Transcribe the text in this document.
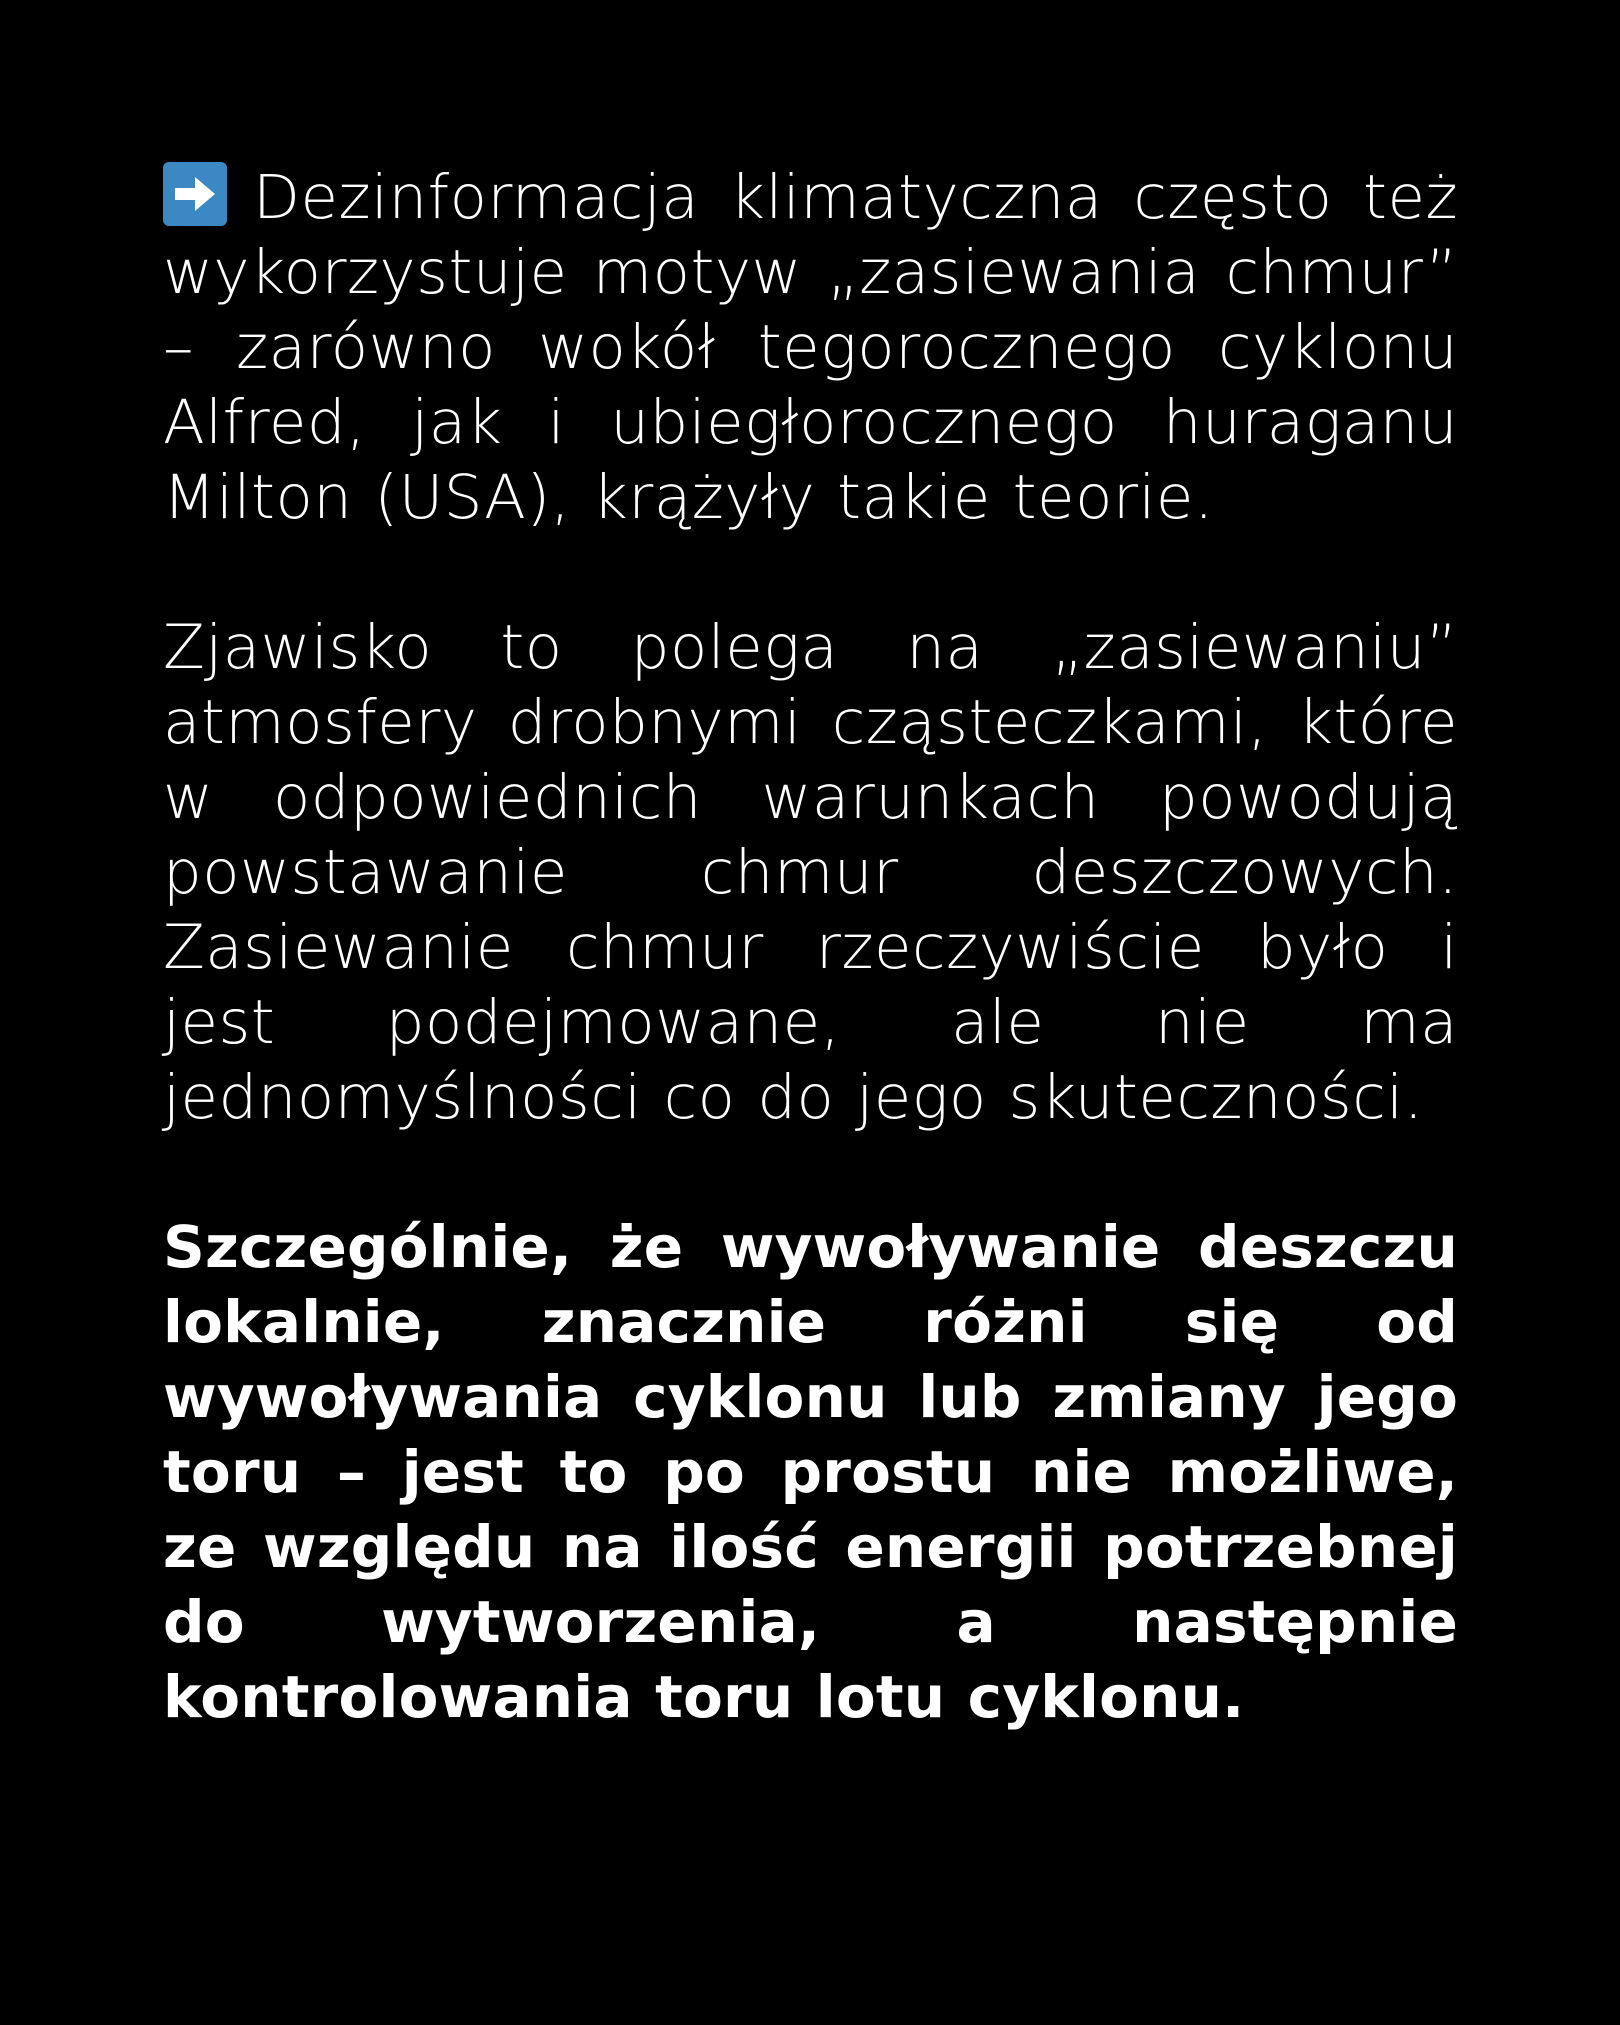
Dezinformacja klimatyczna często też wykorzystuje motyw „zasiewania chmur” – zarówno wokół tegorocznego cyklonu Alfred, jak i ubiegłorocznego huraganu Milton (USA), krążyły takie teorie.

Zjawisko to polega na „zasiewaniu” atmosfery drobnymi cząsteczkami, które w odpowiednich warunkach powodują powstawanie chmur deszczowych. Zasiewanie chmur rzeczywiście było i jest podejmowane, ale nie ma jednomyślności co do jego skuteczności.

Szczególnie, że wywoływanie deszczu lokalnie, znacznie różni się od wywoływania cyklonu lub zmiany jego toru – jest to po prostu nie możliwe, ze względu na ilość energii potrzebnej do wytworzenia, a następnie kontrolowania toru lotu cyklonu.
